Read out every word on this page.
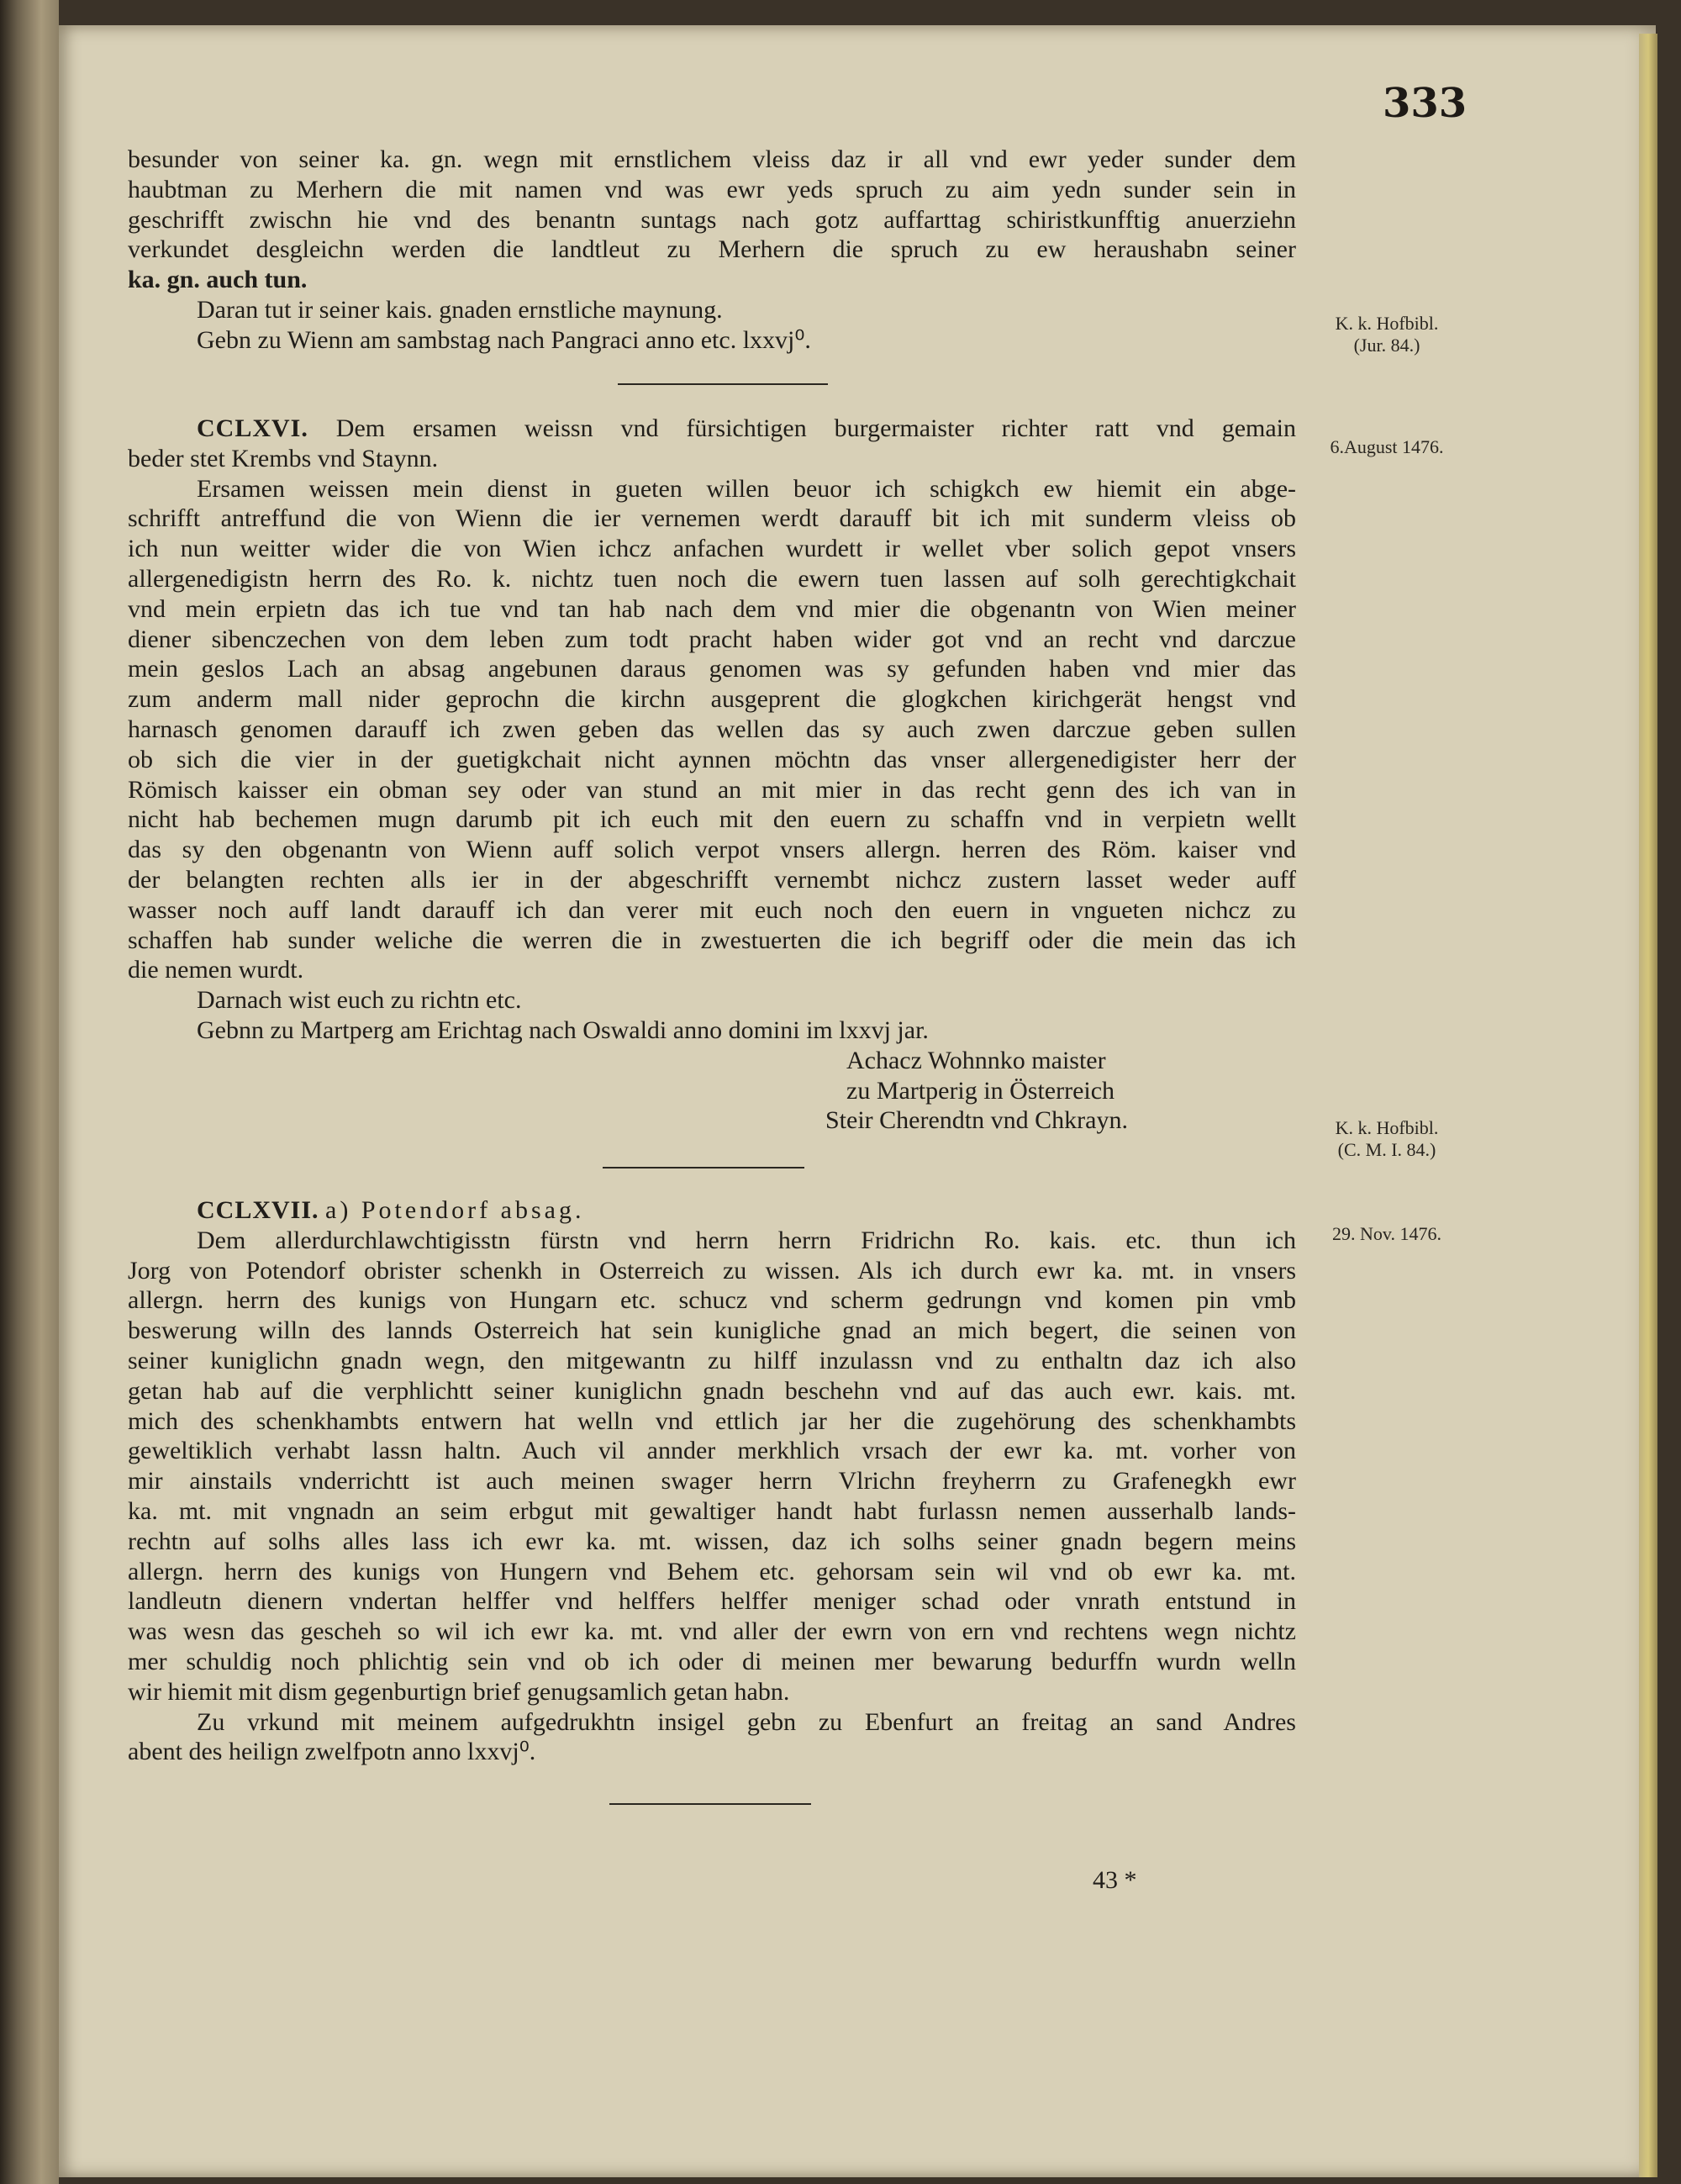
333

besunder von seiner ka. gn. wegn mit ernstlichem vleiss daz ir all vnd ewr yeder sunder dem

haubtman zu Merhern die mit namen vnd was ewr yeds spruch zu aim yedn sunder sein in

geschrifft zwischn hie vnd des benantn suntags nach gotz auffarttag schiristkunfftig anuerziehn

verkundet desgleichn werden die landtleut zu Merhern die spruch zu ew heraushabn seiner

ka. gn. auch tun.

Daran tut ir seiner kais. gnaden ernstliche maynung.

Gebn zu Wienn am sambstag nach Pangraci anno etc. lxxvj⁰.

K. k. Hofbibl.
(Jur. 84.)

CCLXVI. Dem ersamen weissn vnd fürsichtigen burgermaister richter ratt vnd gemain

beder stet Krembs vnd Staynn.

Ersamen weissen mein dienst in gueten willen beuor ich schigkch ew hiemit ein abge-

schrifft antreffund die von Wienn die ier vernemen werdt darauff bit ich mit sunderm vleiss ob

ich nun weitter wider die von Wien ichcz anfachen wurdett ir wellet vber solich gepot vnsers

allergenedigistn herrn des Ro. k. nichtz tuen noch die ewern tuen lassen auf solh gerechtigkchait

vnd mein erpietn das ich tue vnd tan hab nach dem vnd mier die obgenantn von Wien meiner

diener sibenczechen von dem leben zum todt pracht haben wider got vnd an recht vnd darczue

mein geslos Lach an absag angebunen daraus genomen was sy gefunden haben vnd mier das

zum anderm mall nider geprochn die kirchn ausgeprent die glogkchen kirichgerät hengst vnd

harnasch genomen darauff ich zwen geben das wellen das sy auch zwen darczue geben sullen

ob sich die vier in der guetigkchait nicht aynnen möchtn das vnser allergenedigister herr der

Römisch kaisser ein obman sey oder van stund an mit mier in das recht genn des ich van in

nicht hab bechemen mugn darumb pit ich euch mit den euern zu schaffn vnd in verpietn wellt

das sy den obgenantn von Wienn auff solich verpot vnsers allergn. herren des Röm. kaiser vnd

der belangten rechten alls ier in der abgeschrifft vernembt nichcz zustern lasset weder auff

wasser noch auff landt darauff ich dan verer mit euch noch den euern in vngueten nichcz zu

schaffen hab sunder weliche die werren die in zwestuerten die ich begriff oder die mein das ich

die nemen wurdt.

Darnach wist euch zu richtn etc.

Gebnn zu Martperg am Erichtag nach Oswaldi anno domini im lxxvj jar.

Achacz Wohnnko maister

zu Martperig in Österreich

Steir Cherendtn vnd Chkrayn.

6.August 1476.
K. k. Hofbibl.
(C. M. I. 84.)

CCLXVII. a) Potendorf absag.

Dem allerdurchlawchtigisstn fürstn vnd herrn herrn Fridrichn Ro. kais. etc. thun ich

Jorg von Potendorf obrister schenkh in Osterreich zu wissen. Als ich durch ewr ka. mt. in vnsers

allergn. herrn des kunigs von Hungarn etc. schucz vnd scherm gedrungn vnd komen pin vmb

beswerung willn des lannds Osterreich hat sein kunigliche gnad an mich begert, die seinen von

seiner kuniglichn gnadn wegn, den mitgewantn zu hilff inzulassn vnd zu enthaltn daz ich also

getan hab auf die verphlichtt seiner kuniglichn gnadn beschehn vnd auf das auch ewr. kais. mt.

mich des schenkhambts entwern hat welln vnd ettlich jar her die zugehörung des schenkhambts

geweltiklich verhabt lassn haltn. Auch vil annder merkhlich vrsach der ewr ka. mt. vorher von

mir ainstails vnderrichtt ist auch meinen swager herrn Vlrichn freyherrn zu Grafenegkh ewr

ka. mt. mit vngnadn an seim erbgut mit gewaltiger handt habt furlassn nemen ausserhalb lands-

rechtn auf solhs alles lass ich ewr ka. mt. wissen, daz ich solhs seiner gnadn begern meins

allergn. herrn des kunigs von Hungern vnd Behem etc. gehorsam sein wil vnd ob ewr ka. mt.

landleutn dienern vndertan helffer vnd helffers helffer meniger schad oder vnrath entstund in

was wesn das gescheh so wil ich ewr ka. mt. vnd aller der ewrn von ern vnd rechtens wegn nichtz

mer schuldig noch phlichtig sein vnd ob ich oder di meinen mer bewarung bedurffn wurdn welln

wir hiemit mit dism gegenburtign brief genugsamlich getan habn.

Zu vrkund mit meinem aufgedrukhtn insigel gebn zu Ebenfurt an freitag an sand Andres

abent des heilign zwelfpotn anno lxxvj⁰.

29. Nov. 1476.
43 *
